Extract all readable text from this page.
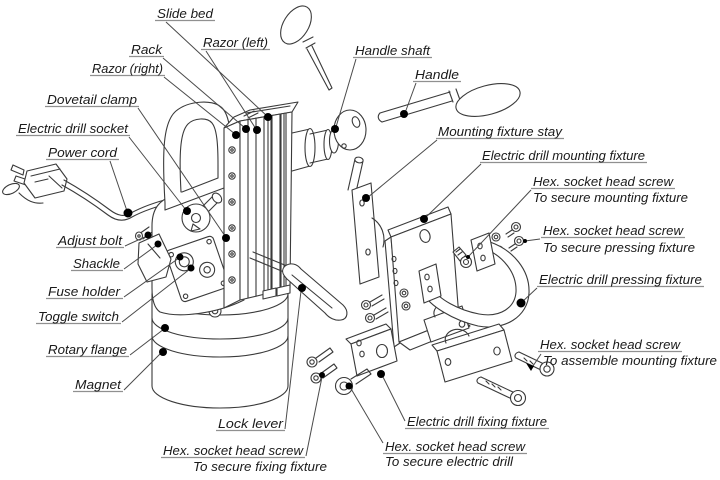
Slide bed
Rack
Razor (right)
Razor (left)
Handle shaft
Handle
Dovetail clamp
Electric drill socket
Power cord
Mounting fixture stay
Electric drill mounting fixture
Hex. socket head screw
To secure mounting fixture
Hex. socket head screw
To secure pressing fixture
Electric drill pressing fixture
Hex. socket head screw
To assemble mounting fixture
Adjust bolt
Shackle
Fuse holder
Toggle switch
Rotary flange
Magnet
Lock lever
Hex. socket head screw
To secure fixing fixture
Electric drill fixing fixture
Hex. socket head screw
To secure electric drill
